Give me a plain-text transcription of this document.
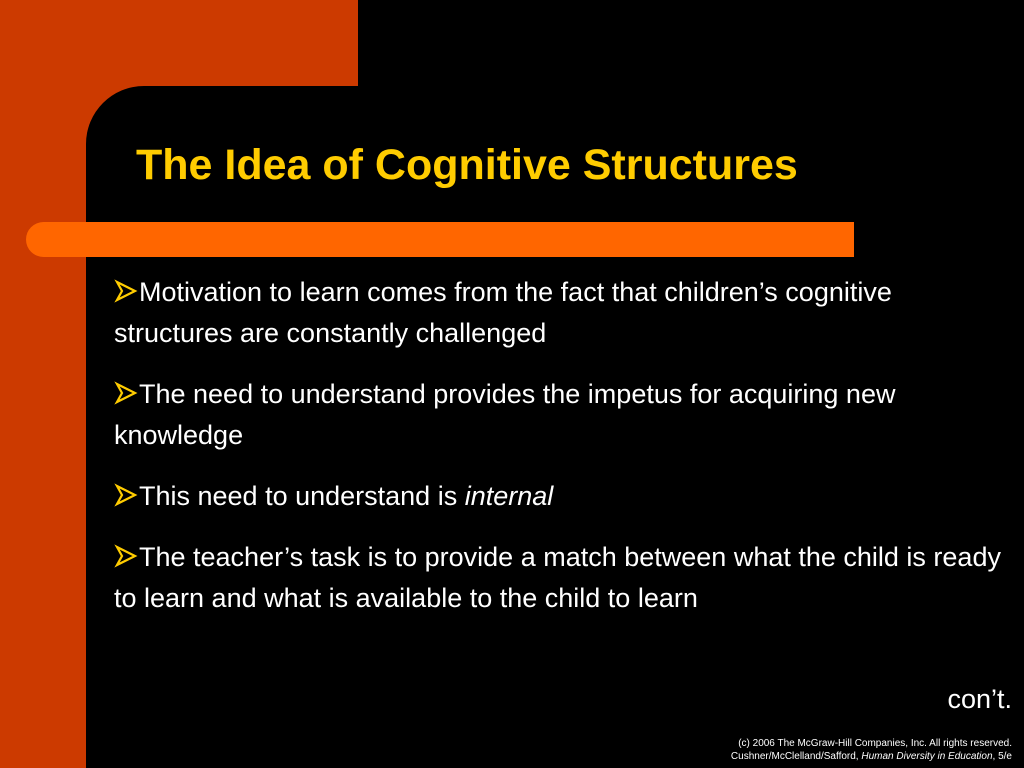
The Idea of Cognitive Structures
Motivation to learn comes from the fact that children’s cognitive structures are constantly challenged
The need to understand provides the impetus for acquiring new knowledge
This need to understand is internal
The teacher’s task is to provide a match between what the child is ready to learn and what is available to the child to learn

con’t.

(c) 2006 The McGraw-Hill Companies, Inc. All rights reserved.
Cushner/McClelland/Safford, Human Diversity in Education, 5/e
